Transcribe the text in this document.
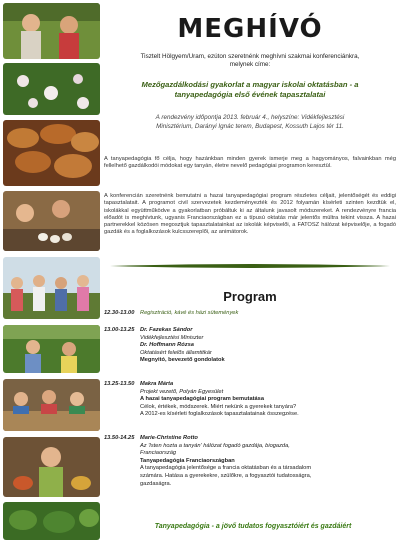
MEGHÍVÓ
Tisztelt Hölgyem/Uram, ezúton szeretnénk meghívni szakmai konferenciánkra,
melynek címe:
Mezőgazdálkodási gyakorlat a magyar iskolai oktatásban - a
tanyapedagógia első évének tapasztalatai
A rendezvény időpontja 2013. február 4., helyszíne: Vidékfejlesztési
Minisztérium, Darányi Ignác terem, Budapest, Kossuth Lajos tér 11.
A tanyapedagógia fő célja, hogy hazánkban minden gyerek ismerje meg a hagyományos, falvainkban még fellelhető gazdálkodói módokat egy tanyán, életre nevelő pedagógiai programon keresztül.
A konferencián szeretnénk bemutatni a hazai tanyapedagógiai program részletes céljait, jelentőségét és eddigi tapasztalatait. A programot civil szervezetek kezdeményezték és 2012 folyamán kísérleti szinten kezdtük el, iskolákkal együttműködve a gyakorlatban próbáltuk ki az általunk javasolt módszereket. A rendezvényre francia előadót is meghívtunk, ugyanis Franciaországban ez a típusú oktatás már jelentős múltra tekint vissza. A hazai partnerekkel közösen megosztjuk tapasztalatainkat az iskolák képviselői, a FATOSZ hálózat képviselője, a fogadó gazdák és a foglalkozások kulcsszereplői, az animátorok.
Program
12.30-13.00 Regisztráció, kávé és házi sütemények
13.00-13.25 Dr. Fazekas Sándor
Vidékfejlesztési Miniszter
Dr. Hoffmann Rózsa
Oktatásért felelős államtitkár
Megnyitó, bevezető gondolatok
13.25-13.50 Makra Márta
Projekt vezető, Polyán Egyesület
A hazai tanyapedagógiai program bemutatása
Célok, értékek, módszerek. Miért nekünk a gyerekek tanyára?
A 2012-es kísérleti foglalkozások tapasztalatainak összegzése.
13.50-14.25 Marie-Christine Rotto
Az 'Isten hozta a tanyán' hálózat fogadó gazdája, biogazda,
Franciaország
Tanyapedagógia Franciaországban
A tanyapedagógia jelentősége a francia oktatásban és a társadalom
számára. Hatása a gyerekekre, szülőkre, a fogyasztói tudatosságra,
gazdaságra.
Tanyapedagógia - a jövő tudatos fogyasztóiért és gazdáiért
